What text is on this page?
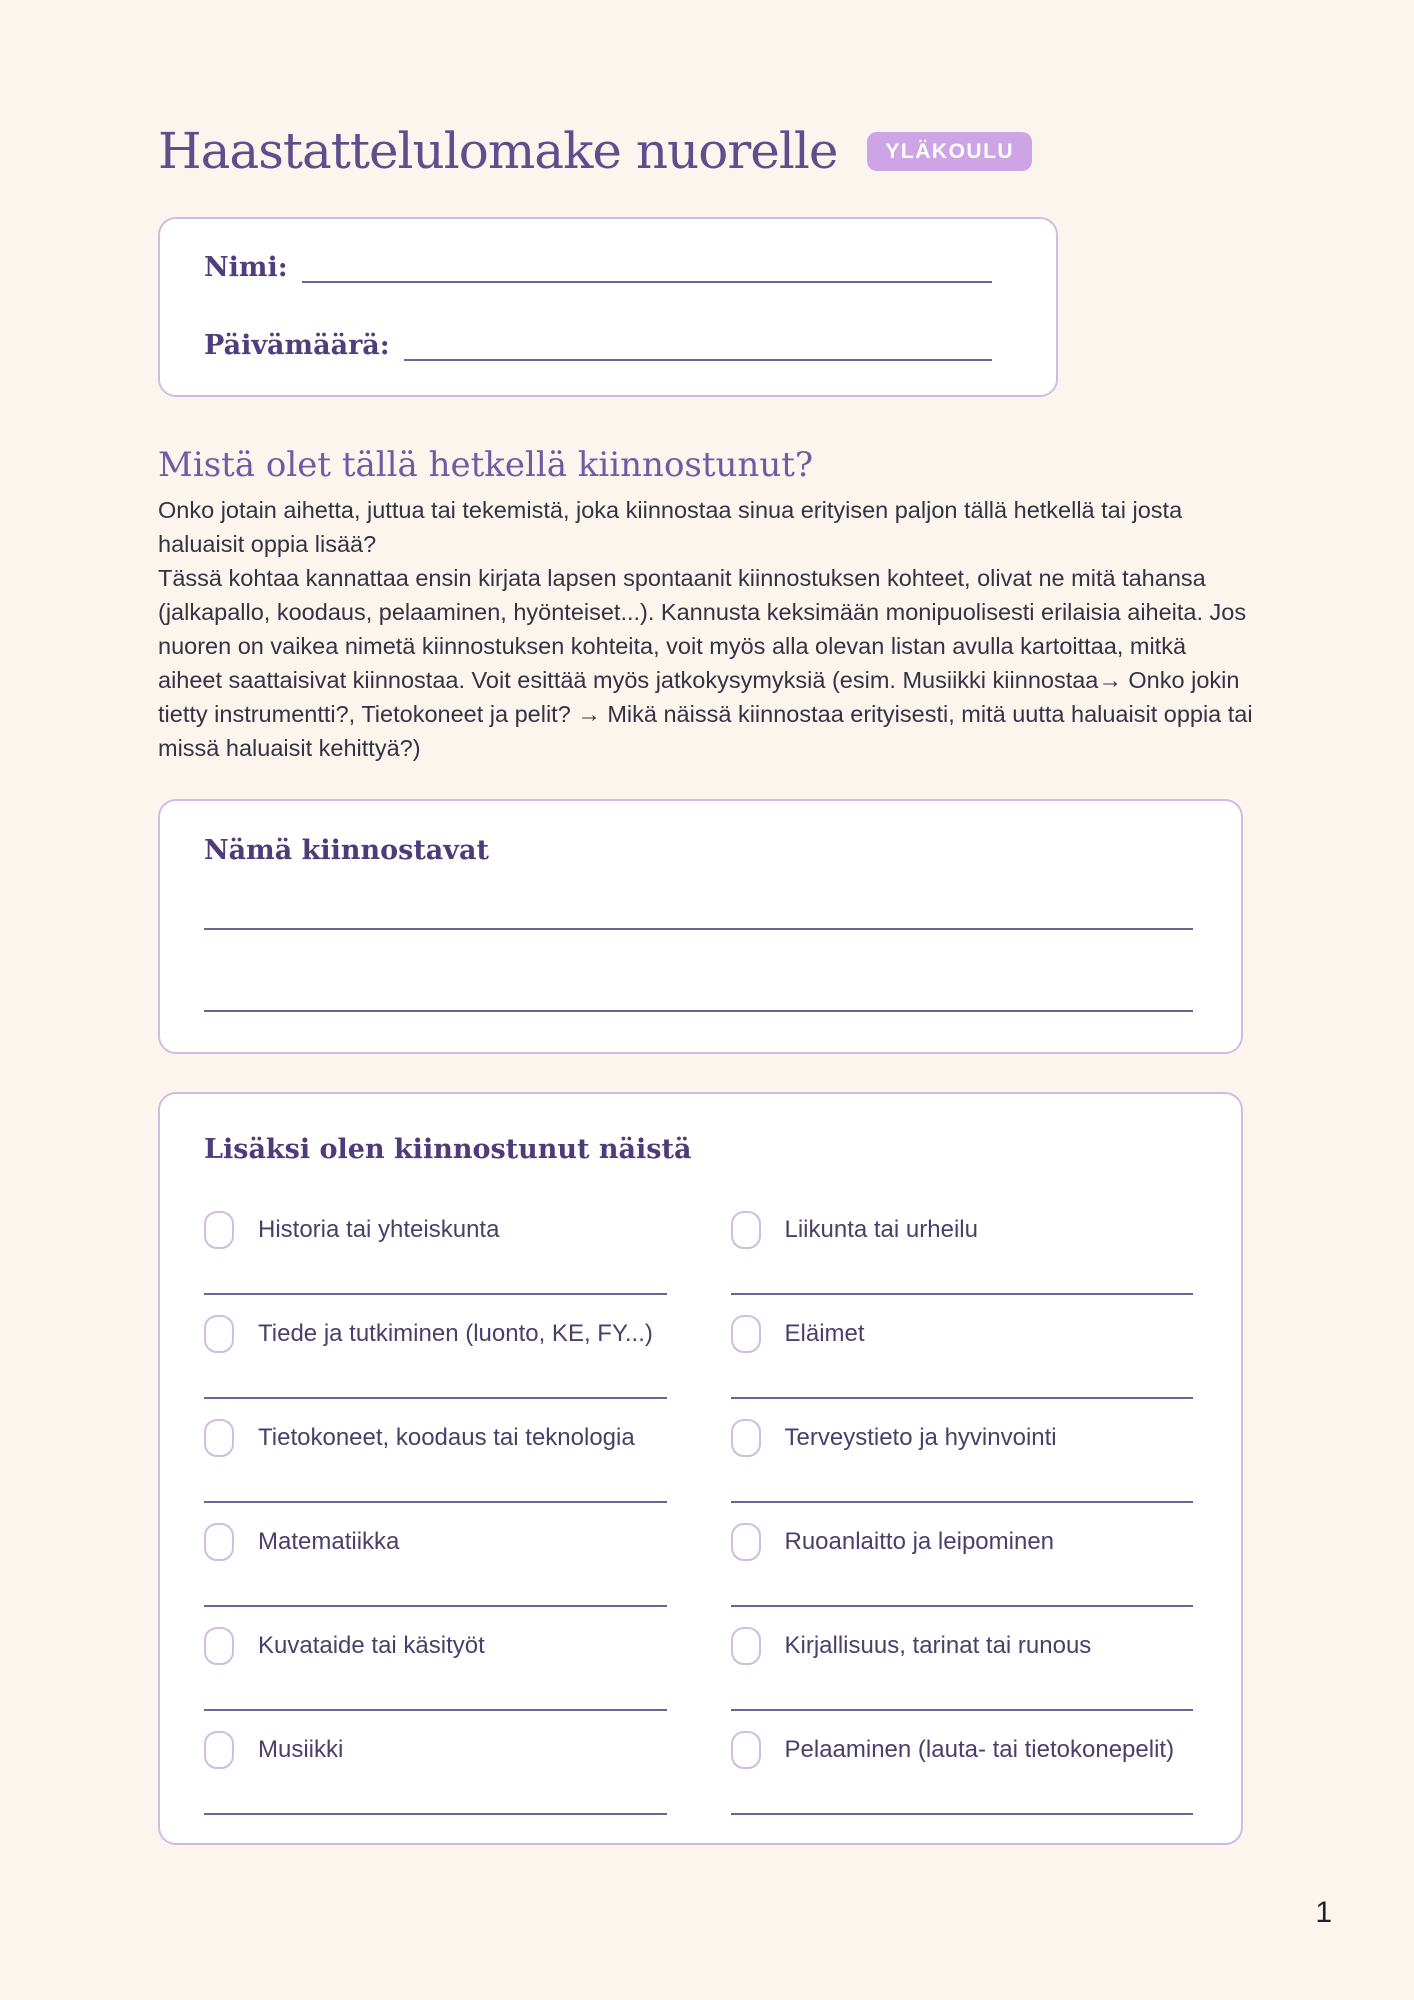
Haastattelulomake nuorelle	YLÄKOULU
Nimi:
Päivämäärä:
Mistä olet tällä hetkellä kiinnostunut?

Onko jotain aihetta, juttua tai tekemistä, joka kiinnostaa sinua erityisen paljon tällä hetkellä tai josta haluaisit oppia lisää?

Tässä kohtaa kannattaa ensin kirjata lapsen spontaanit kiinnostuksen kohteet, olivat ne mitä tahansa (jalkapallo, koodaus, pelaaminen, hyönteiset...). Kannusta keksimään monipuolisesti erilaisia aiheita. Jos nuoren on vaikea nimetä kiinnostuksen kohteita, voit myös alla olevan listan avulla kartoittaa, mitkä aiheet saattaisivat kiinnostaa. Voit esittää myös jatkokysymyksiä (esim. Musiikki kiinnostaa→ Onko jokin tietty instrumentti?, Tietokoneet ja pelit? → Mikä näissä kiinnostaa erityisesti, mitä uutta haluaisit oppia tai missä haluaisit kehittyä?)

Nämä kiinnostavat
Lisäksi olen kiinnostunut näistä
Historia tai yhteiskunta	Liikunta tai urheilu
Tiede ja tutkiminen (luonto, KE, FY...)	Eläimet
Tietokoneet, koodaus tai teknologia	Terveystieto ja hyvinvointi
Matematiikka	Ruoanlaitto ja leipominen
Kuvataide tai käsityöt	Kirjallisuus, tarinat tai runous
Musiikki	Pelaaminen (lauta- tai tietokonepelit)
1
